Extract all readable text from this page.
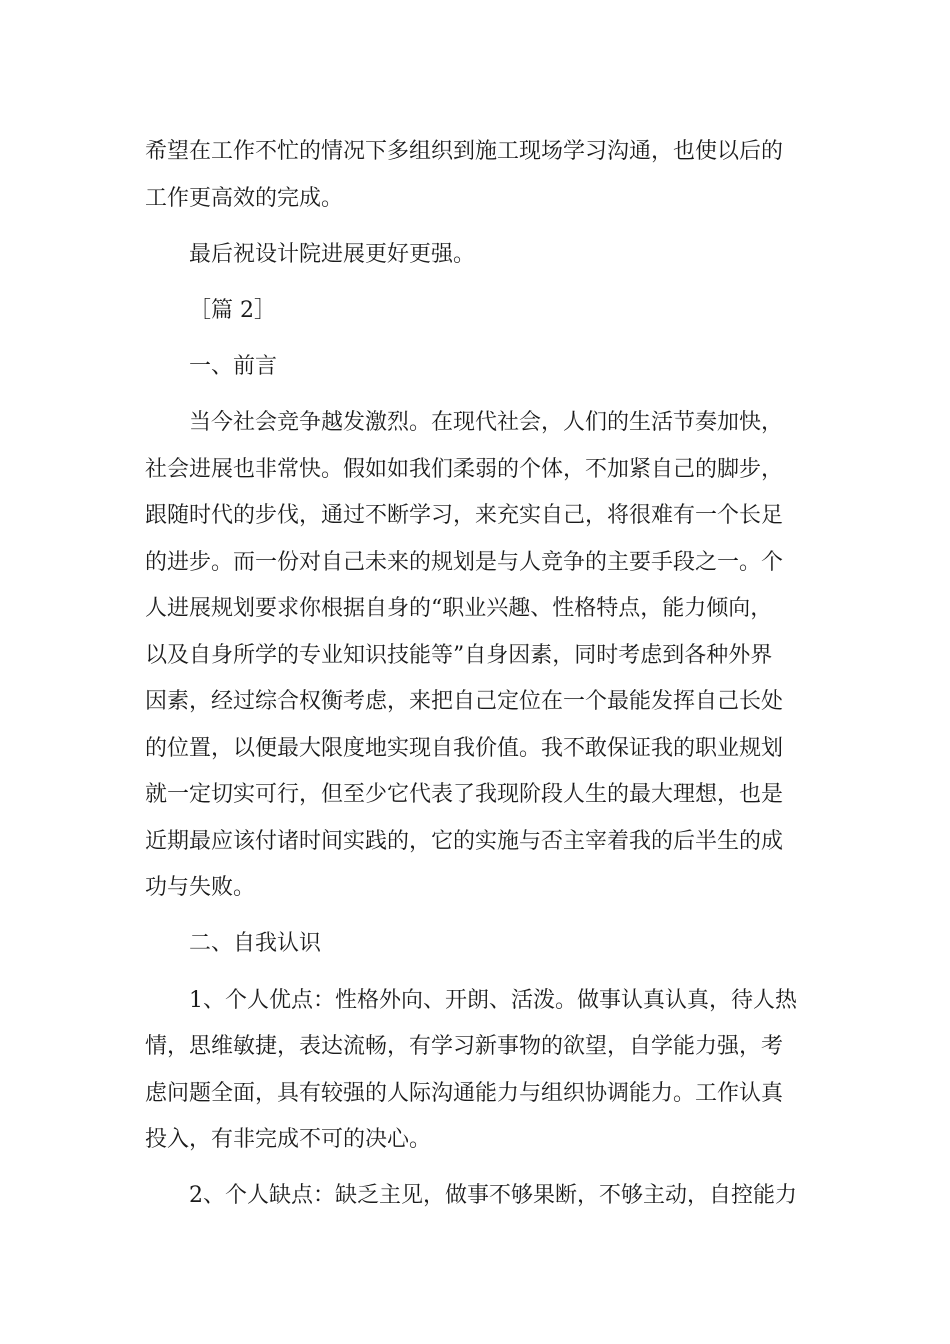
希望在工作不忙的情况下多组织到施工现场学习沟通，也使以后的
工作更高效的完成。
最后祝设计院进展更好更强。
［篇 2］
一、前言
当今社会竞争越发激烈。在现代社会，人们的生活节奏加快，
社会进展也非常快。假如如我们柔弱的个体，不加紧自己的脚步，
跟随时代的步伐，通过不断学习，来充实自己，将很难有一个长足
的进步。而一份对自己未来的规划是与人竞争的主要手段之一。个
人进展规划要求你根据自身的“职业兴趣、性格特点，能力倾向，
以及自身所学的专业知识技能等”自身因素，同时考虑到各种外界
因素，经过综合权衡考虑，来把自己定位在一个最能发挥自己长处
的位置，以便最大限度地实现自我价值。我不敢保证我的职业规划
就一定切实可行，但至少它代表了我现阶段人生的最大理想，也是
近期最应该付诸时间实践的，它的实施与否主宰着我的后半生的成
功与失败。
二、自我认识
1、个人优点：性格外向、开朗、活泼。做事认真认真，待人热
情，思维敏捷，表达流畅，有学习新事物的欲望，自学能力强，考
虑问题全面，具有较强的人际沟通能力与组织协调能力。工作认真
投入，有非完成不可的决心。
2、个人缺点：缺乏主见，做事不够果断，不够主动，自控能力
